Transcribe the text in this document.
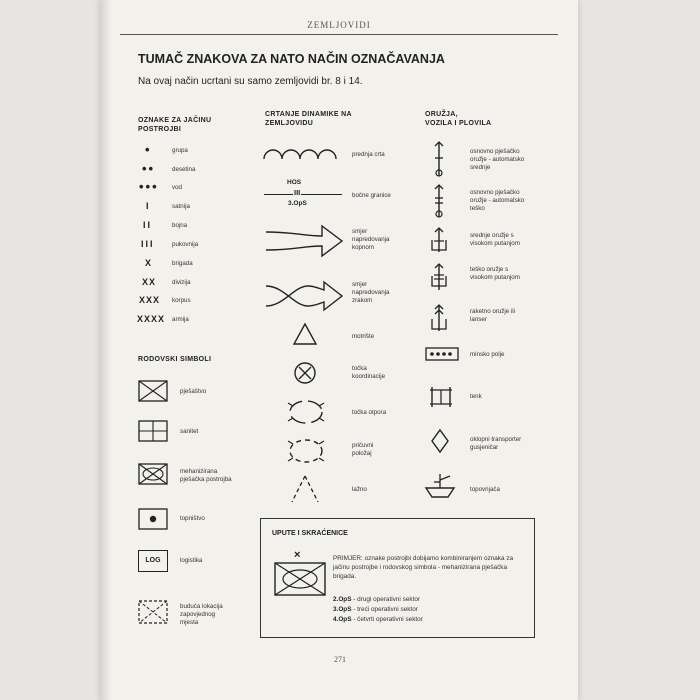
ZEMLJOVIDI
TUMAČ ZNAKOVA ZA NATO NAČIN OZNAČAVANJA
Na ovaj način ucrtani su samo zemljovidi br. 8 i 14.
OZNAKE ZA JAČINU
POSTROJBI
•	grupa
••	desetina
••• vod
I	satnija
II	bojna
III	pukovnija
X	brigada
XX	divizija
XXX korpus
XXXX armija
RODOVSKI SIMBOLI
pješaštvo
sanitet
mehanizirana
pješačka postrojba
topništvo
LOG	logistika
buduća lokacija
zapovjednog
mjesta
CRTANJE DINAMIKE NA
ZEMLJOVIDU
prednja crta
HOS
III
3.OpS
bočne granice
smjer
napredovanja
kopnom
smjer
napredovanja
zrakom
motrište
točka
koordinacije
točka otpora
pričuvni
položaj
lažno
ORUŽJA,
VOZILA I PLOVILA
osnovno pješačko
oružje - automatsko
srednje
osnovno pješačko
oružje - automatsko
teško
srednje oružje s
visokom putanjom
teško oružje s
visokom putanjom
raketno oružje ili
lanser
minsko polje
tenk
oklopni transporter
gusjeničar
topovnjača
UPUTE I SKRAĆENICE
×	PRIMJER: oznake postrojbi dobijamo kombiniranjem oznaka za jačinu postrojbe i rodovskog simbola - mehanizirana pješačka brigada.
2.OpS - drugi operativni sektor
3.OpS - treći operativni sektor
4.OpS - četvrti operativni sektor
271
